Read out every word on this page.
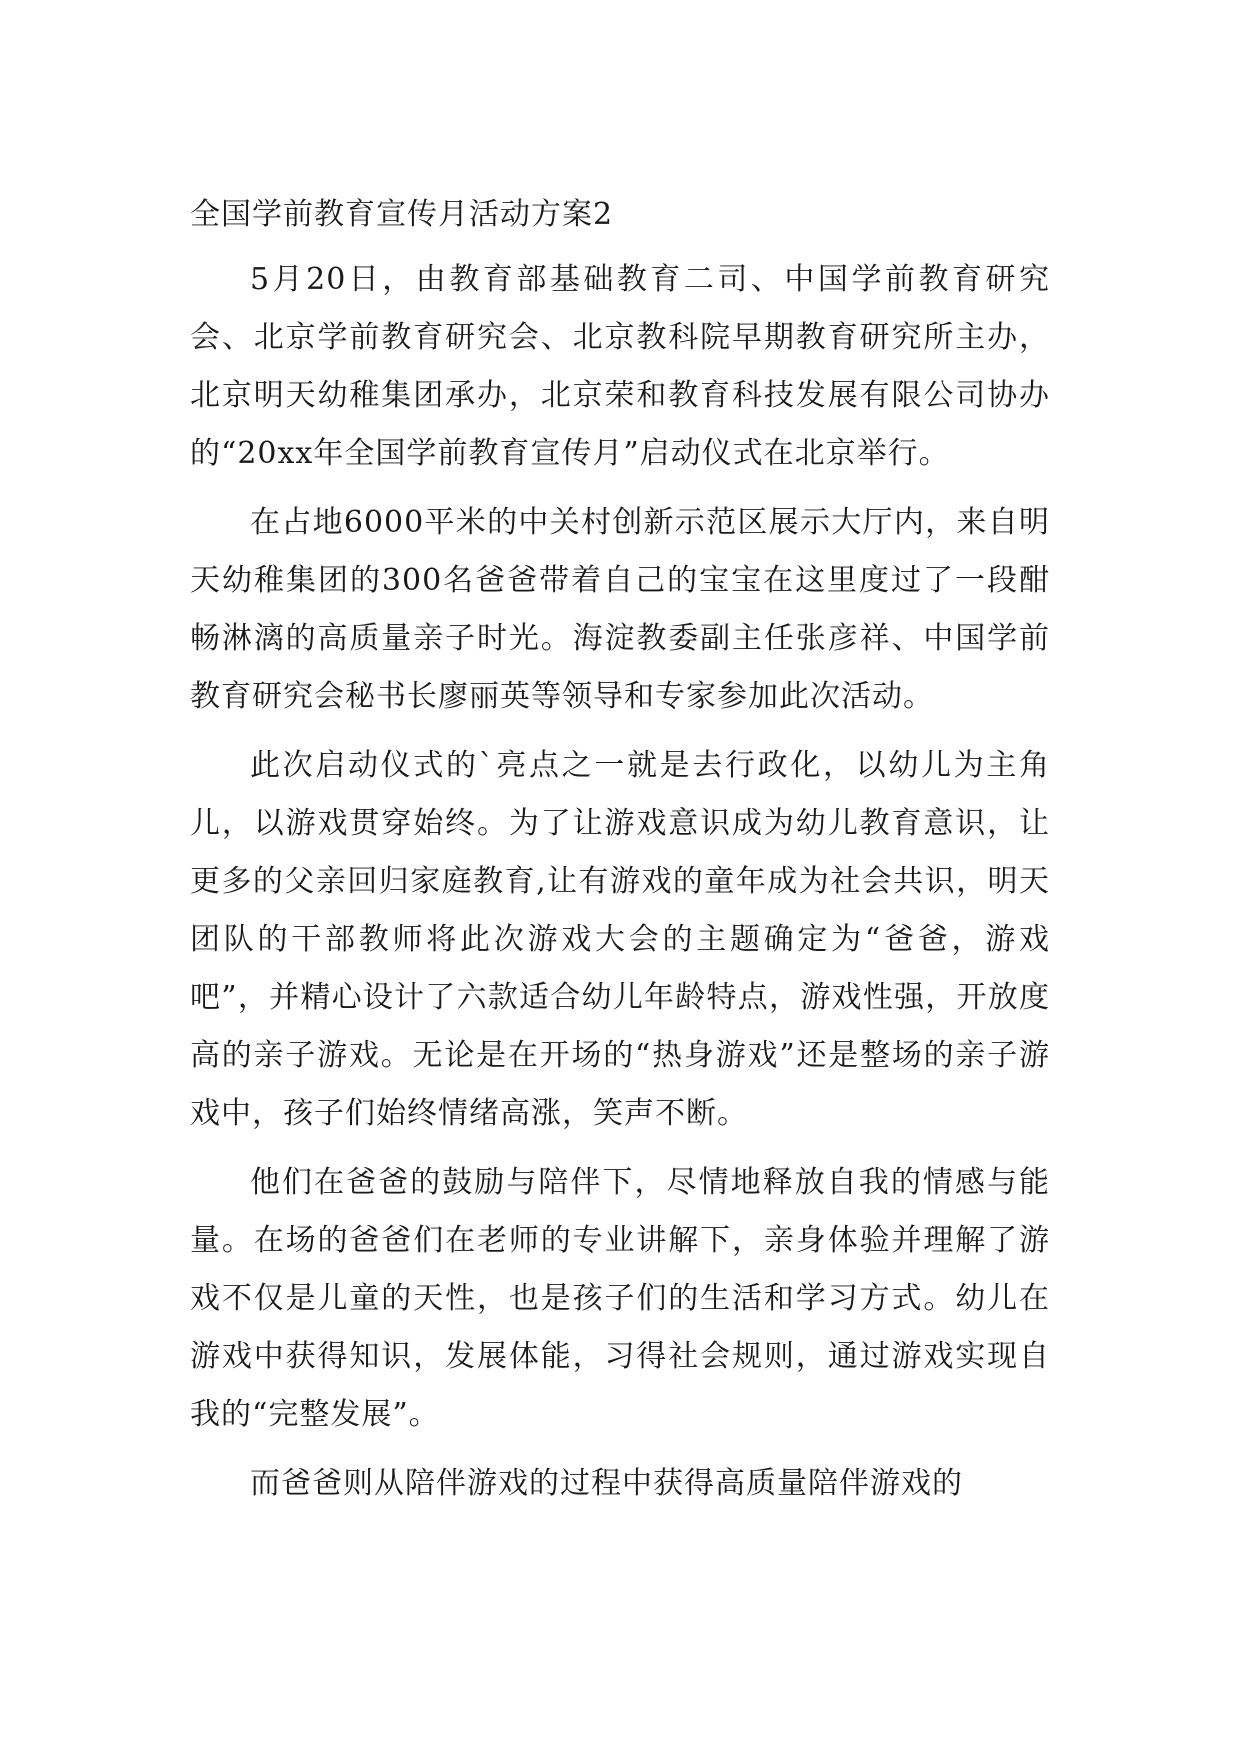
全国学前教育宣传月活动方案2

5月20日，由教育部基础教育二司、中国学前教育研究会、北京学前教育研究会、北京教科院早期教育研究所主办，北京明天幼稚集团承办，北京荣和教育科技发展有限公司协办的“20xx年全国学前教育宣传月”启动仪式在北京举行。

在占地6000平米的中关村创新示范区展示大厅内，来自明天幼稚集团的300名爸爸带着自己的宝宝在这里度过了一段酣畅淋漓的高质量亲子时光。海淀教委副主任张彦祥、中国学前教育研究会秘书长廖丽英等领导和专家参加此次活动。

此次启动仪式的`亮点之一就是去行政化，以幼儿为主角儿，以游戏贯穿始终。为了让游戏意识成为幼儿教育意识，让更多的父亲回归家庭教育,让有游戏的童年成为社会共识，明天团队的干部教师将此次游戏大会的主题确定为“爸爸，游戏吧”，并精心设计了六款适合幼儿年龄特点，游戏性强，开放度高的亲子游戏。无论是在开场的“热身游戏”还是整场的亲子游戏中，孩子们始终情绪高涨，笑声不断。

他们在爸爸的鼓励与陪伴下，尽情地释放自我的情感与能量。在场的爸爸们在老师的专业讲解下，亲身体验并理解了游戏不仅是儿童的天性，也是孩子们的生活和学习方式。幼儿在游戏中获得知识，发展体能，习得社会规则，通过游戏实现自我的“完整发展”。

而爸爸则从陪伴游戏的过程中获得高质量陪伴游戏的
